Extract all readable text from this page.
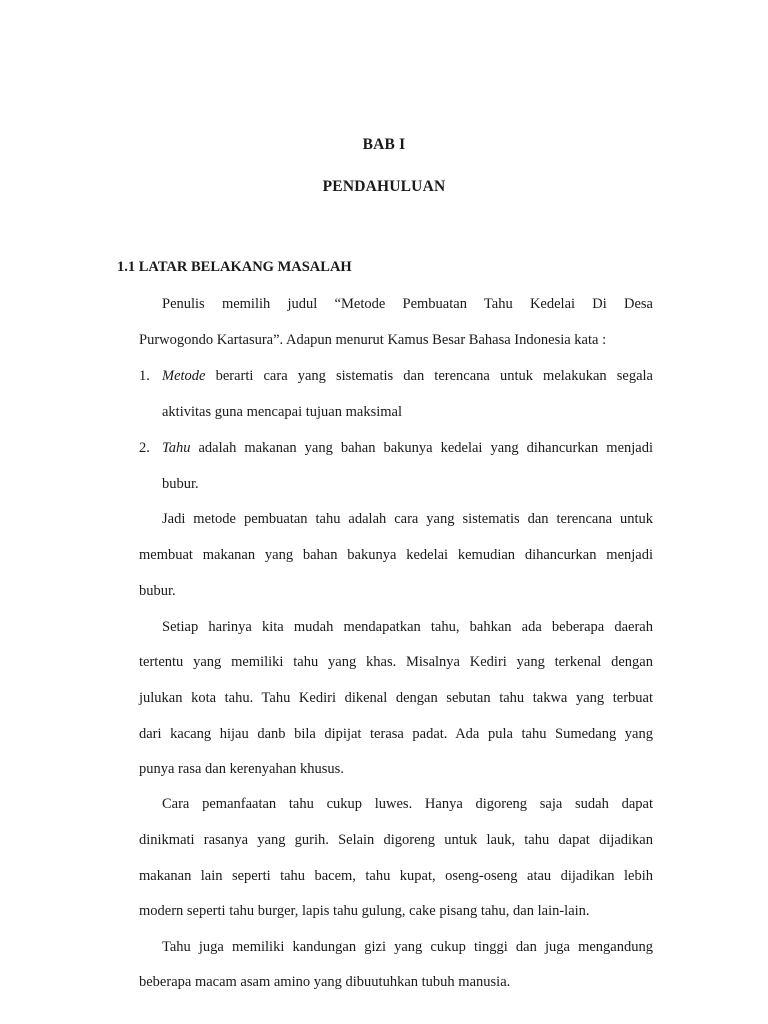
BAB I
PENDAHULUAN
1.1 LATAR BELAKANG MASALAH
Penulis memilih judul “Metode Pembuatan Tahu Kedelai Di Desa
Purwogondo Kartasura”. Adapun menurut Kamus Besar Bahasa Indonesia kata :
1. Metode berarti cara yang sistematis dan terencana untuk melakukan segala
aktivitas guna mencapai tujuan maksimal
2. Tahu adalah makanan yang bahan bakunya kedelai yang dihancurkan menjadi
bubur.
Jadi metode pembuatan tahu adalah cara yang sistematis dan terencana untuk
membuat makanan yang bahan bakunya kedelai kemudian dihancurkan menjadi
bubur.
Setiap harinya kita mudah mendapatkan tahu, bahkan ada beberapa daerah
tertentu yang memiliki tahu yang khas. Misalnya Kediri yang terkenal dengan
julukan kota tahu. Tahu Kediri dikenal dengan sebutan tahu takwa yang terbuat
dari kacang hijau danb bila dipijat terasa padat. Ada pula tahu Sumedang yang
punya rasa dan kerenyahan khusus.
Cara pemanfaatan tahu cukup luwes. Hanya digoreng saja sudah dapat
dinikmati rasanya yang gurih. Selain digoreng untuk lauk, tahu dapat dijadikan
makanan lain seperti tahu bacem, tahu kupat, oseng-oseng atau dijadikan lebih
modern seperti tahu burger, lapis tahu gulung, cake pisang tahu, dan lain-lain.
Tahu juga memiliki kandungan gizi yang cukup tinggi dan juga mengandung
beberapa macam asam amino yang dibuutuhkan tubuh manusia.
